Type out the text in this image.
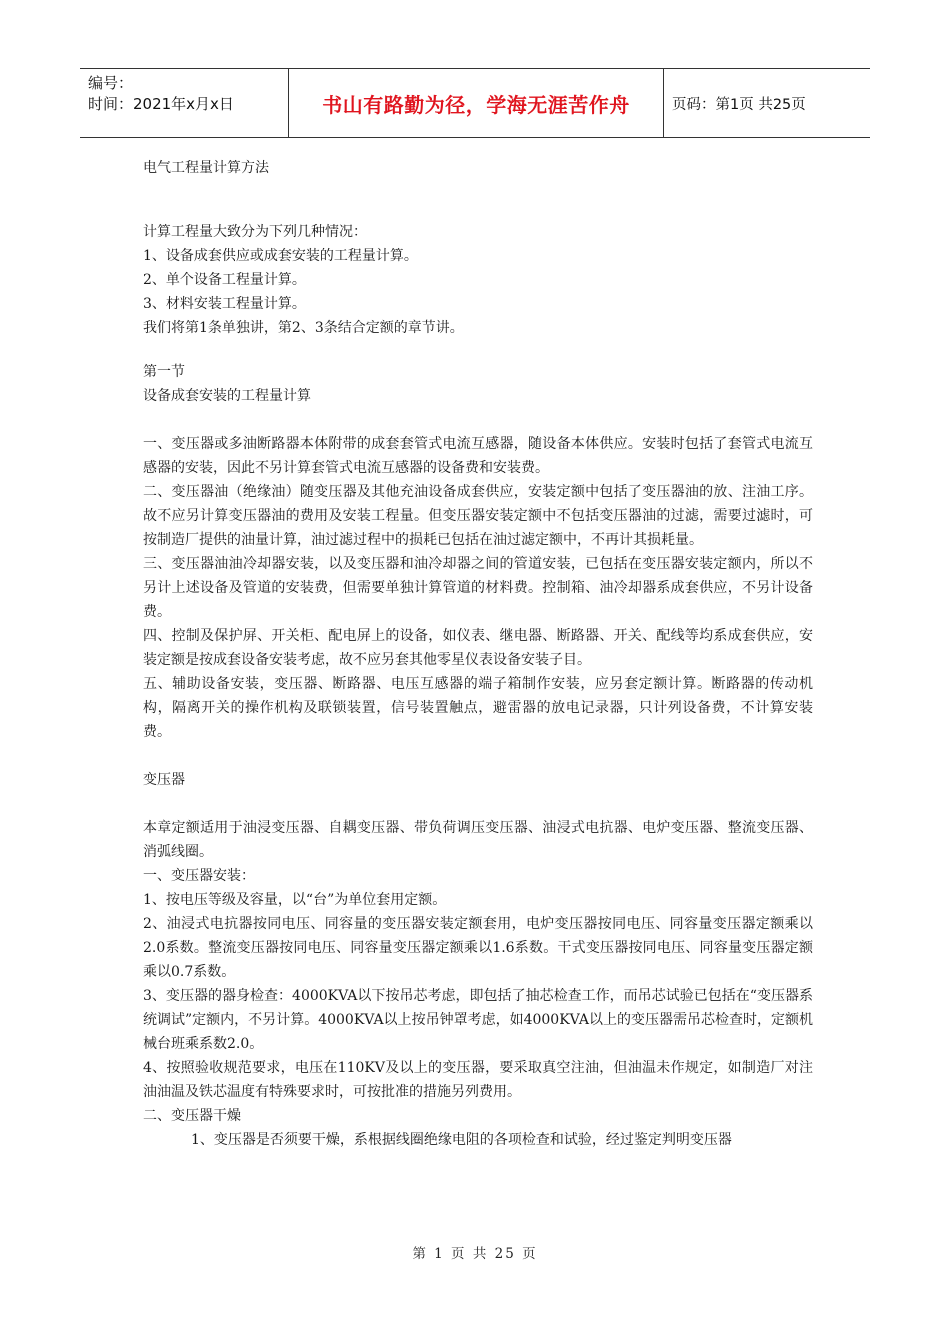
编号：
时间：2021年x月x日	书山有路勤为径，学海无涯苦作舟	页码：第1页 共25页

电气工程量计算方法

计算工程量大致分为下列几种情况：

1、设备成套供应或成套安装的工程量计算。

2、单个设备工程量计算。

3、材料安装工程量计算。

我们将第1条单独讲，第2、3条结合定额的章节讲。

第一节

设备成套安装的工程量计算

一、变压器或多油断路器本体附带的成套套管式电流互感器，随设备本体供应。安装时包括了套管式电流互感器的安装，因此不另计算套管式电流互感器的设备费和安装费。

二、变压器油（绝缘油）随变压器及其他充油设备成套供应，安装定额中包括了变压器油的放、注油工序。故不应另计算变压器油的费用及安装工程量。但变压器安装定额中不包括变压器油的过滤，需要过滤时，可按制造厂提供的油量计算，油过滤过程中的损耗已包括在油过滤定额中，不再计其损耗量。

三、变压器油油冷却器安装，以及变压器和油冷却器之间的管道安装，已包括在变压器安装定额内，所以不另计上述设备及管道的安装费，但需要单独计算管道的材料费。控制箱、油冷却器系成套供应，不另计设备费。

四、控制及保护屏、开关柜、配电屏上的设备，如仪表、继电器、断路器、开关、配线等均系成套供应，安装定额是按成套设备安装考虑，故不应另套其他零星仪表设备安装子目。

五、辅助设备安装，变压器、断路器、电压互感器的端子箱制作安装，应另套定额计算。断路器的传动机构，隔离开关的操作机构及联锁装置，信号装置触点，避雷器的放电记录器，只计列设备费，不计算安装费。

变压器

本章定额适用于油浸变压器、自耦变压器、带负荷调压变压器、油浸式电抗器、电炉变压器、整流变压器、消弧线圈。

一、变压器安装：

1、按电压等级及容量，以“台”为单位套用定额。

2、油浸式电抗器按同电压、同容量的变压器安装定额套用，电炉变压器按同电压、同容量变压器定额乘以2.0系数。整流变压器按同电压、同容量变压器定额乘以1.6系数。干式变压器按同电压、同容量变压器定额乘以0.7系数。

3、变压器的器身检查：4000KVA以下按吊芯考虑，即包括了抽芯检查工作，而吊芯试验已包括在“变压器系统调试”定额内，不另计算。4000KVA以上按吊钟罩考虑，如4000KVA以上的变压器需吊芯检查时，定额机械台班乘系数2.0。

4、按照验收规范要求，电压在110KV及以上的变压器，要采取真空注油，但油温未作规定，如制造厂对注油油温及铁芯温度有特殊要求时，可按批准的措施另列费用。

二、变压器干燥

1、变压器是否须要干燥，系根据线圈绝缘电阻的各项检查和试验，经过鉴定判明变压器

第 1 页 共 25 页
